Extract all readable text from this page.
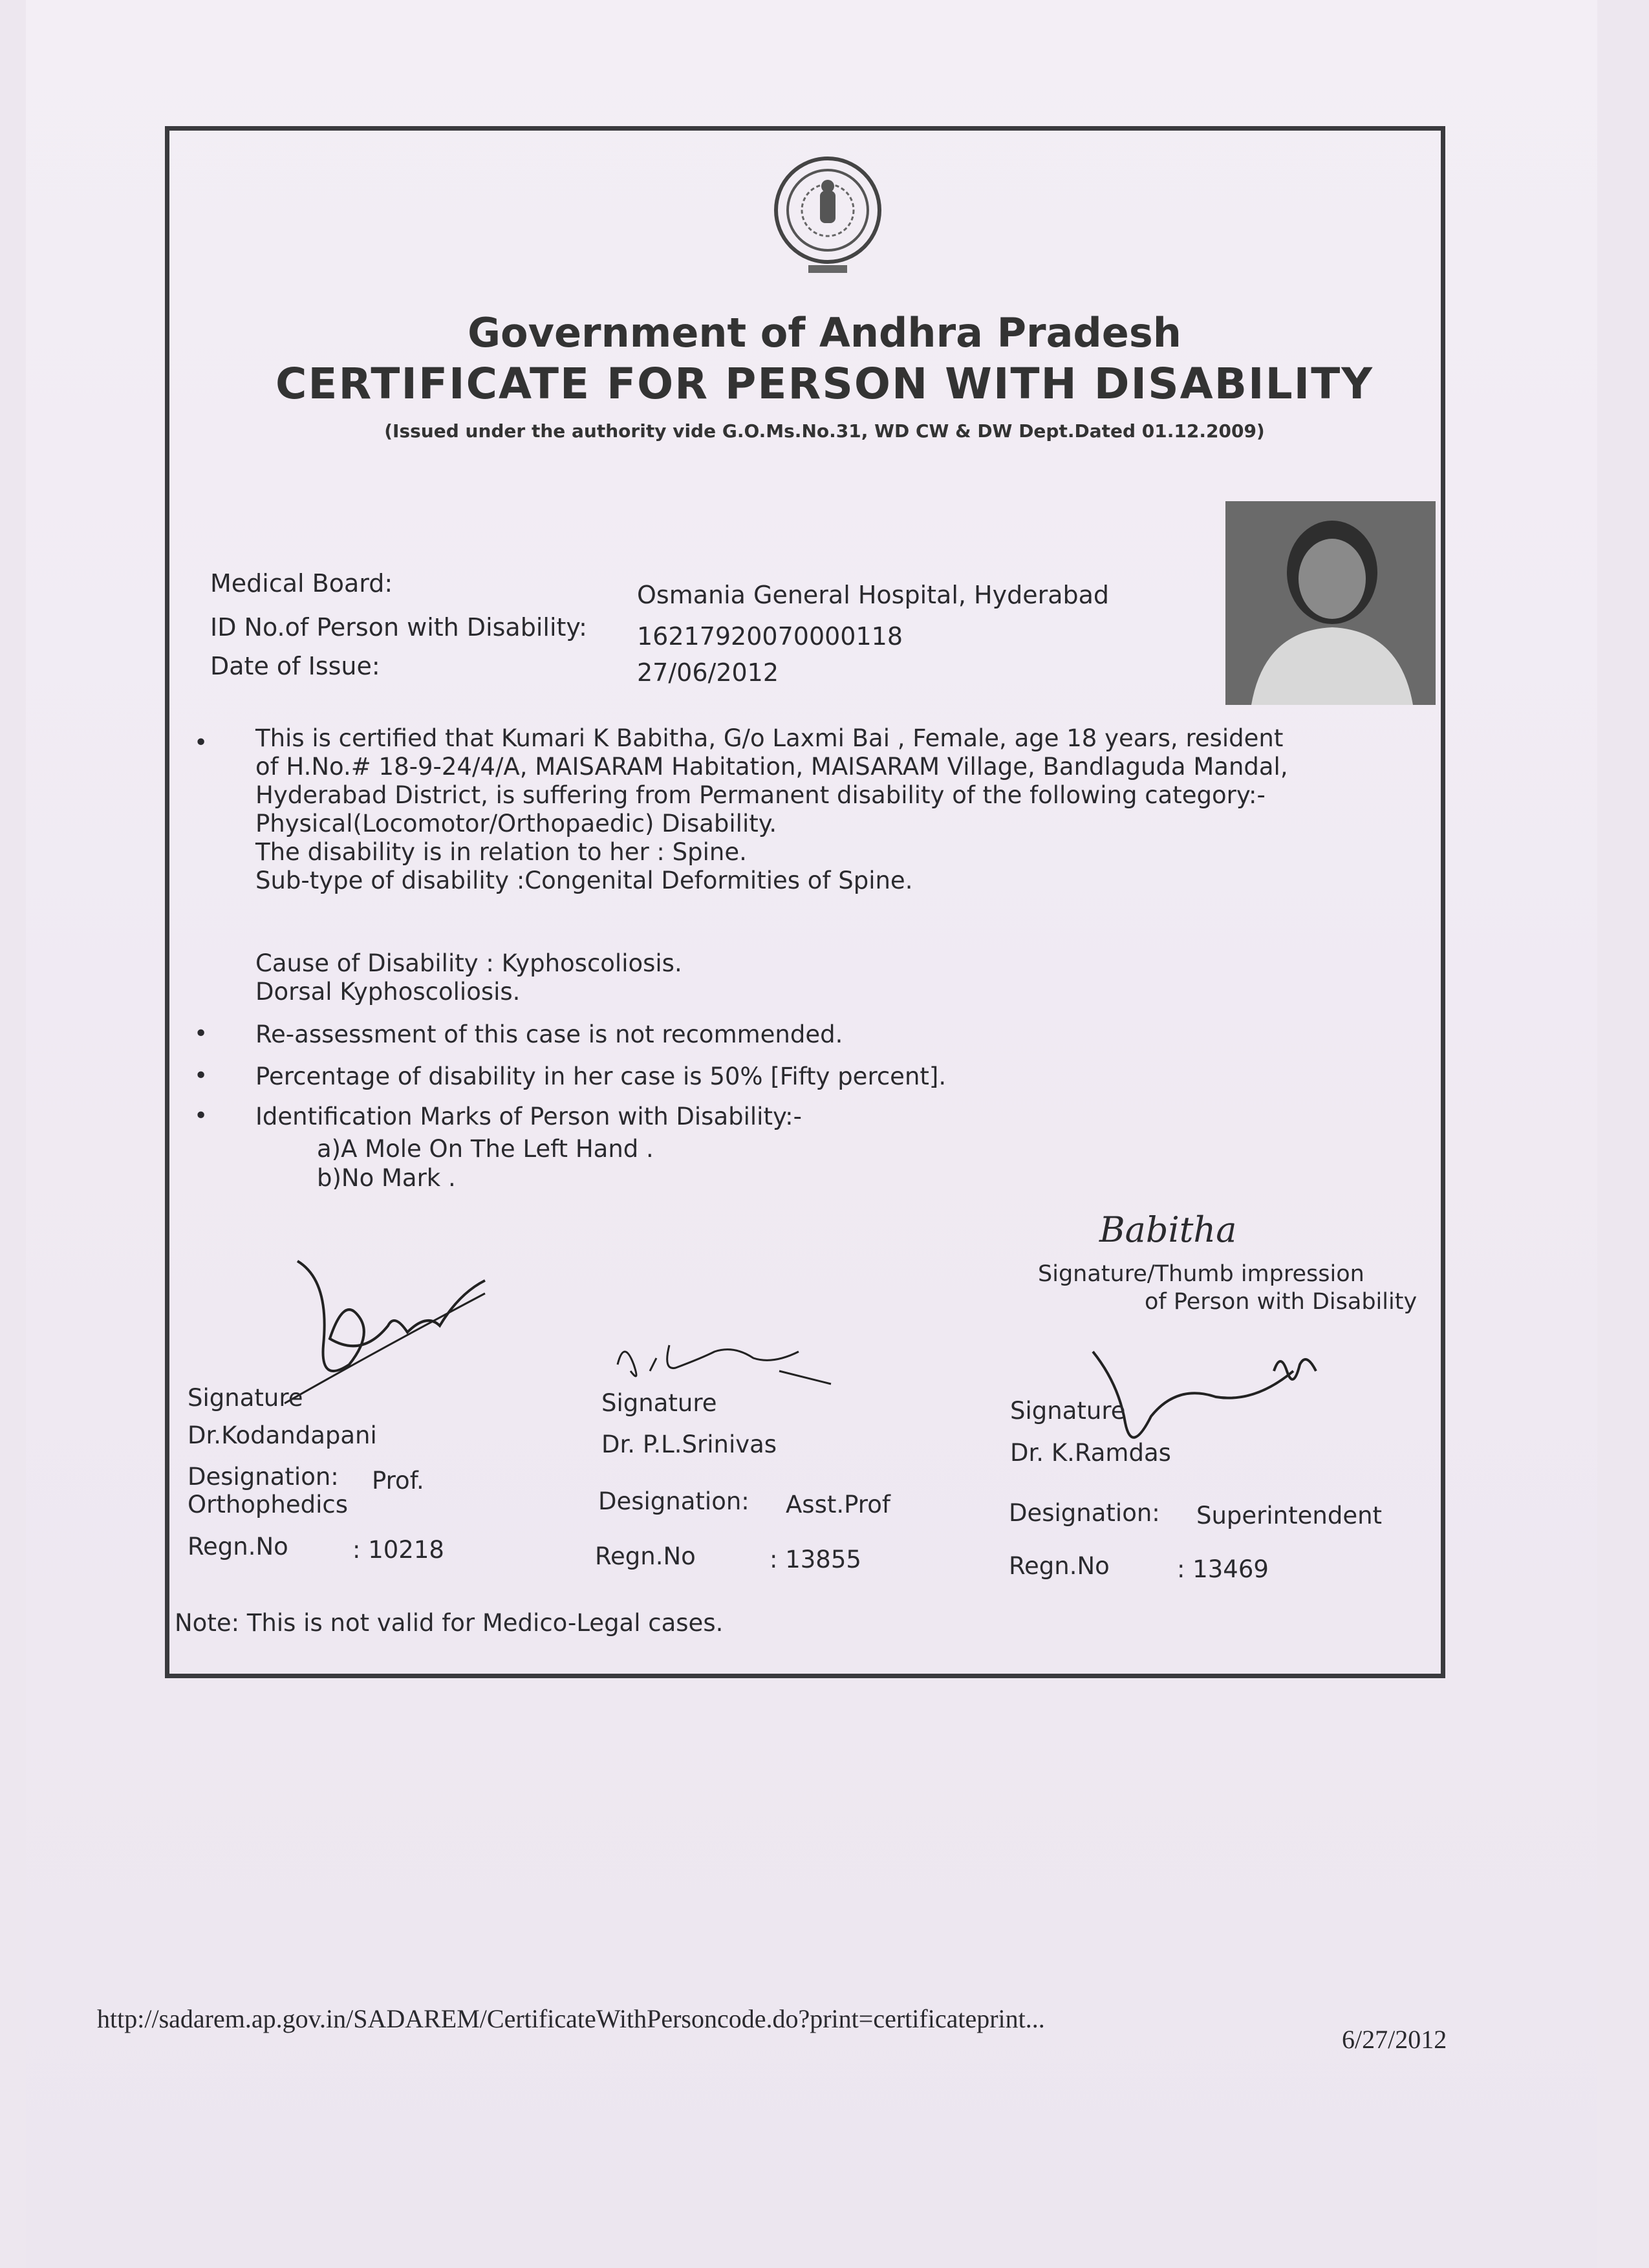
Government of Andhra Pradesh
CERTIFICATE FOR PERSON WITH DISABILITY
(Issued under the authority vide G.O.Ms.No.31, WD CW & DW Dept.Dated 01.12.2009)
Medical Board:	Osmania General Hospital, Hyderabad
ID No.of Person with Disability: 16217920070000118
Date of Issue:	27/06/2012
• This is certified that Kumari K Babitha, G/o Laxmi Bai , Female, age 18 years, resident
of H.No.# 18-9-24/4/A, MAISARAM Habitation, MAISARAM Village, Bandlaguda Mandal,
Hyderabad District, is suffering from Permanent disability of the following category:-
Physical(Locomotor/Orthopaedic) Disability.
The disability is in relation to her : Spine.
Sub-type of disability :Congenital Deformities of Spine.
Cause of Disability : Kyphoscoliosis.
Dorsal Kyphoscoliosis.
• Re-assessment of this case is not recommended.
• Percentage of disability in her case is 50% [Fifty percent].
• Identification Marks of Person with Disability:-
a)A Mole On The Left Hand .
b)No Mark .
Babitha
Signature/Thumb impression
of Person with Disability
Signature
Dr.Kodandapani
Designation: Prof.
Orthophedics
Regn.No	: 10218
Signature
Dr. P.L.Srinivas
Designation: Asst.Prof
Regn.No	: 13855
Signature
Dr. K.Ramdas
Designation: Superintendent
Regn.No	: 13469
Note: This is not valid for Medico-Legal cases.
http://sadarem.ap.gov.in/SADAREM/CertificateWithPersoncode.do?print=certificateprint...
6/27/2012
